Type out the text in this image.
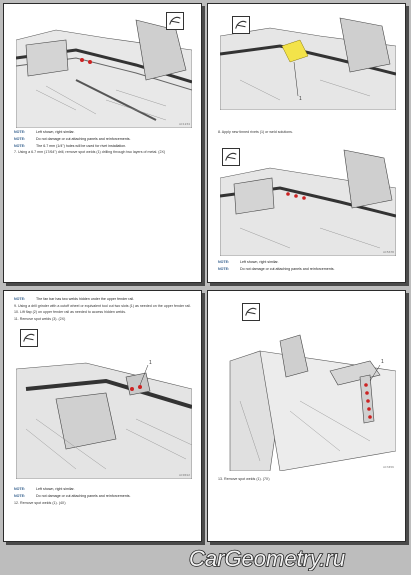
AC1234
NOTE:	Left shown, right similar.
NOTE:	Do not damage or cut attaching panels and reinforcements.
NOTE:	The 6.7 mm (1/4") holes will be used for rivet installation.
7. Using a 6.7 mm (17/64") drill, remove spot welds (1) drilling through two layers of metal. (2X)
1
8. Apply new tinned rivets (1) or weld solutions.
AC5678
NOTE:	Left shown, right similar.
NOTE:	Do not damage or cut attaching panels and reinforcements.
NOTE:	The fan bar has two welds hidden under the upper fender rail.
9. Using a drill grinder with a cutoff wheel or equivalent tool cut two slots (1) as needed on the upper fender rail.
10. Lift flap (2) on upper fender rail as needed to access hidden welds.
11. Remove spot welds (3). (2X)
1
AC9012
NOTE:	Left shown, right similar.
NOTE:	Do not damage or cut attaching panels and reinforcements.
12. Remove spot welds (1). (4X)
1
AC3456
13. Remove spot welds (1). (7X)
CarGeometry.ru
